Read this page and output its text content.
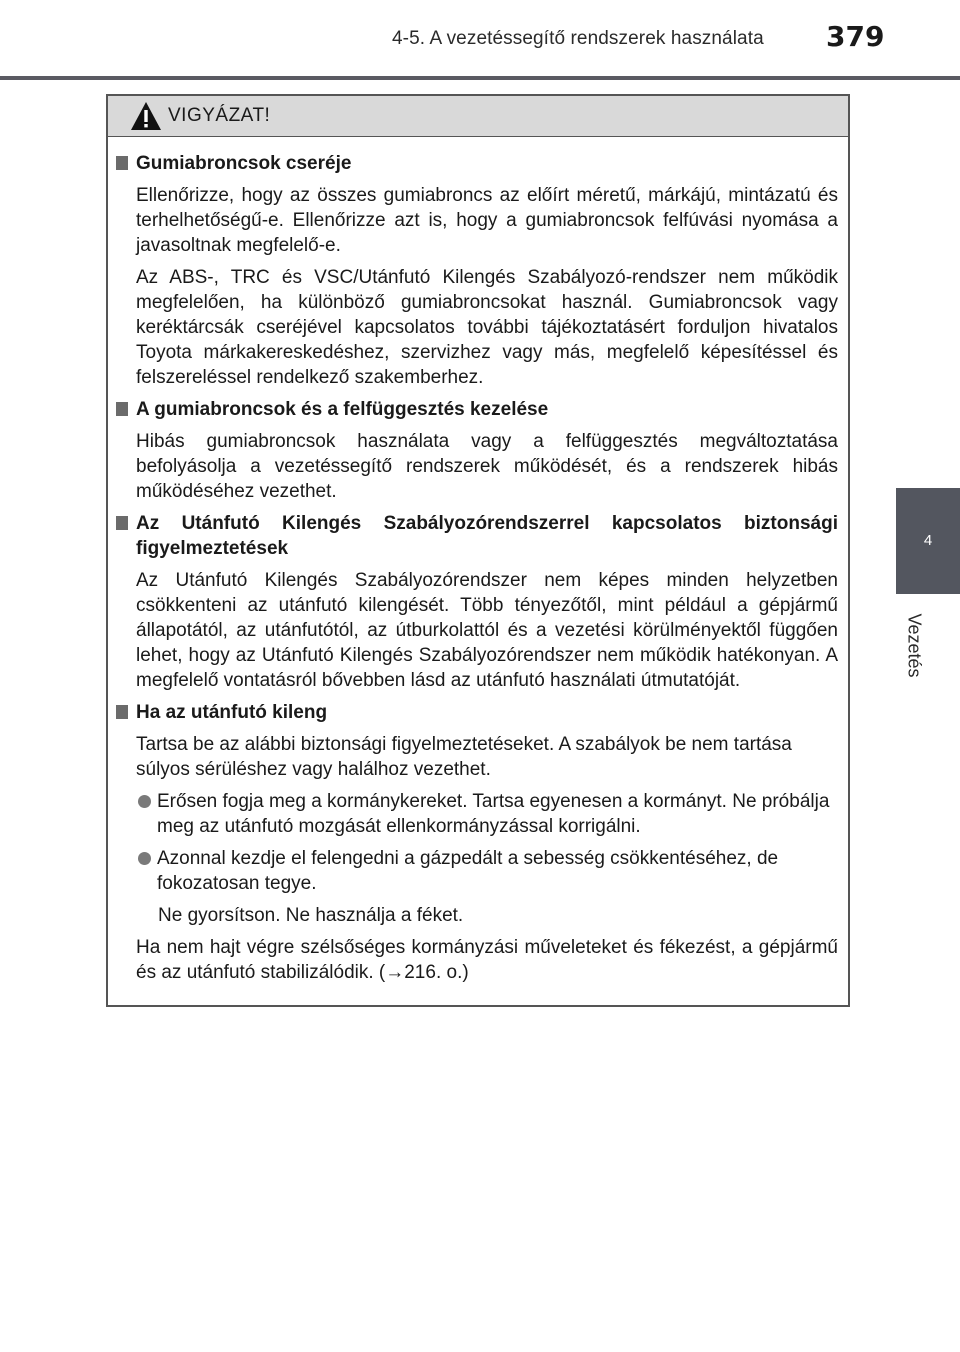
4-5. A vezetéssegítő rendszerek használata 379
4
Vezetés
VIGYÁZAT!
Gumiabroncsok cseréje
Ellenőrizze, hogy az összes gumiabroncs az előírt méretű, márkájú, mintázatú és terhelhetőségű-e. Ellenőrizze azt is, hogy a gumiabroncsok felfúvási nyomása a javasoltnak megfelelő-e.
Az ABS-, TRC és VSC/Utánfutó Kilengés Szabályozó-rendszer nem működik megfelelően, ha különböző gumiabroncsokat használ. Gumiabroncsok vagy keréktárcsák cseréjével kapcsolatos további tájékoztatásért forduljon hivatalos Toyota márkakereskedéshez, szervizhez vagy más, megfelelő képesítéssel és felszereléssel rendelkező szakemberhez.
A gumiabroncsok és a felfüggesztés kezelése
Hibás gumiabroncsok használata vagy a felfüggesztés megváltoztatása befolyásolja a vezetéssegítő rendszerek működését, és a rendszerek hibás működéséhez vezethet.
Az Utánfutó Kilengés Szabályozórendszerrel kapcsolatos biztonsági figyelmeztetések
Az Utánfutó Kilengés Szabályozórendszer nem képes minden helyzetben csökkenteni az utánfutó kilengését. Több tényezőtől, mint például a gépjármű állapotától, az utánfutótól, az útburkolattól és a vezetési körülményektől függően lehet, hogy az Utánfutó Kilengés Szabályozórendszer nem működik hatékonyan. A megfelelő vontatásról bővebben lásd az utánfutó használati útmutatóját.
Ha az utánfutó kileng
Tartsa be az alábbi biztonsági figyelmeztetéseket. A szabályok be nem tartása súlyos sérüléshez vagy halálhoz vezethet.
Erősen fogja meg a kormánykereket. Tartsa egyenesen a kormányt. Ne próbálja meg az utánfutó mozgását ellenkormányzással korrigálni.
Azonnal kezdje el felengedni a gázpedált a sebesség csökkentéséhez, de fokozatosan tegye.
Ne gyorsítson. Ne használja a féket.
Ha nem hajt végre szélsőséges kormányzási műveleteket és fékezést, a gépjármű és az utánfutó stabilizálódik. (→216. o.)
